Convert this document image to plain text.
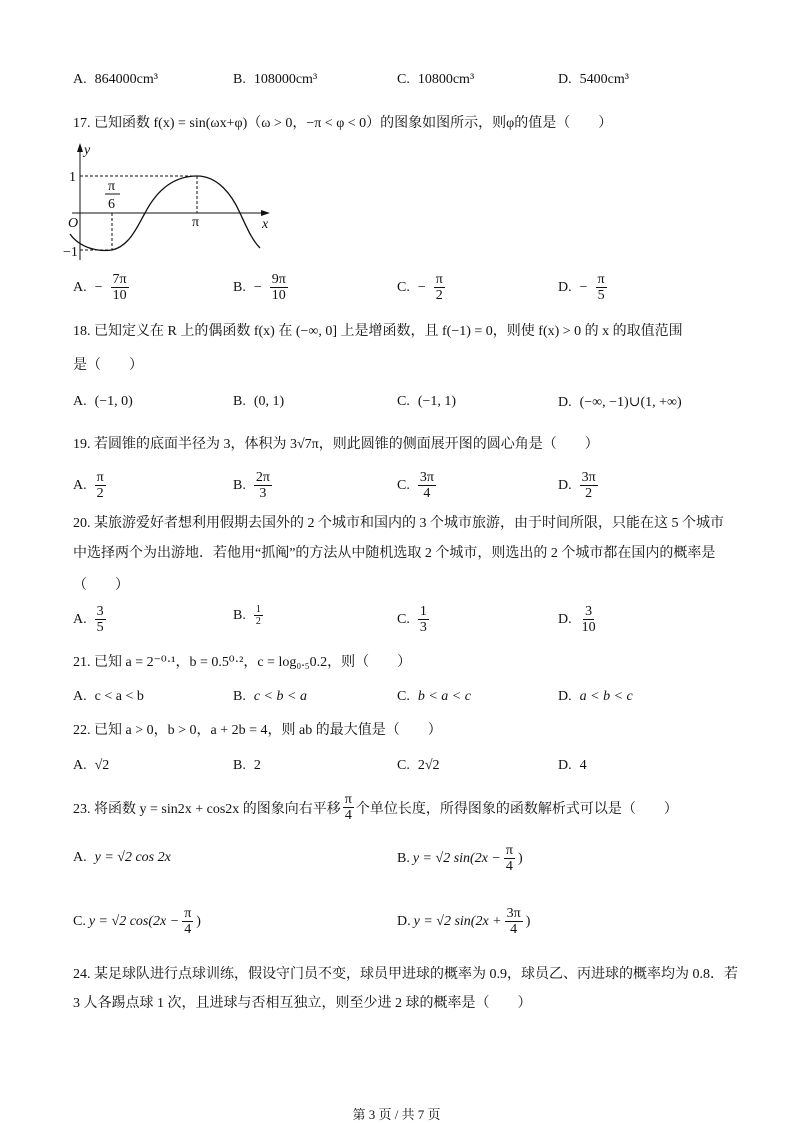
A. 864000cm³	B. 108000cm³	C. 10800cm³	D. 5400cm³
17. 已知函数 f(x) = sin(ωx+φ)（ω > 0，−π < φ < 0）的图象如图所示，则φ的值是（　　）
y
x
O
1
−1
π
π
6
A. − $\frac{7\pi}{10}$	B. − $\frac{9\pi}{10}$	C. − $\frac{\pi}{2}$	D. − $\frac{\pi}{5}$
18. 已知定义在 R 上的偶函数 f(x) 在 (−∞, 0] 上是增函数，且 f(−1) = 0，则使 f(x) > 0 的 x 的取值范围
是（　　）
A. (−1, 0)	B. (0, 1)	C. (−1, 1)	D. (−∞, −1)∪(1, +∞)
19. 若圆锥的底面半径为 3，体积为 3√7π，则此圆锥的侧面展开图的圆心角是（　　）
A. $\frac{\pi}{2}$	B. $\frac{2\pi}{3}$	C. $\frac{3\pi}{4}$	D. $\frac{3\pi}{2}$
20. 某旅游爱好者想利用假期去国外的 2 个城市和国内的 3 个城市旅游，由于时间所限，只能在这 5 个城市
中选择两个为出游地．若他用“抓阄”的方法从中随机选取 2 个城市，则选出的 2 个城市都在国内的概率是
（　　）
A. $\frac{3}{5}$	B. $\frac{1}{2}$	C. $\frac{1}{3}$	D. $\frac{3}{10}$
21. 已知 a = 2⁻⁰·¹，b = 0.5⁰·²，c = log₀.₅0.2，则（　　）
A. c < a < b	B. c < b < a	C. b < a < c	D. a < b < c
22. 已知 a > 0，b > 0，a + 2b = 4，则 ab 的最大值是（　　）
A. √2	B. 2	C. 2√2	D. 4
23. 将函数 y = sin2x + cos2x 的图象向右平移 $\frac{\pi}{4}$ 个单位长度，所得图象的函数解析式可以是（　　）
A. y = √2 cos 2x	B. y = √2 $\sin(2x - \frac{\pi}{4}$ )
C. y = √2 $\cos(2x - \frac{\pi}{4}$ )	D. y = √2 $\sin(2x + \frac{3\pi}{4}$ )
24. 某足球队进行点球训练，假设守门员不变，球员甲进球的概率为 0.9，球员乙、丙进球的概率均为 0.8．若
3 人各踢点球 1 次，且进球与否相互独立，则至少进 2 球的概率是（　　）
第 3 页 / 共 7 页
